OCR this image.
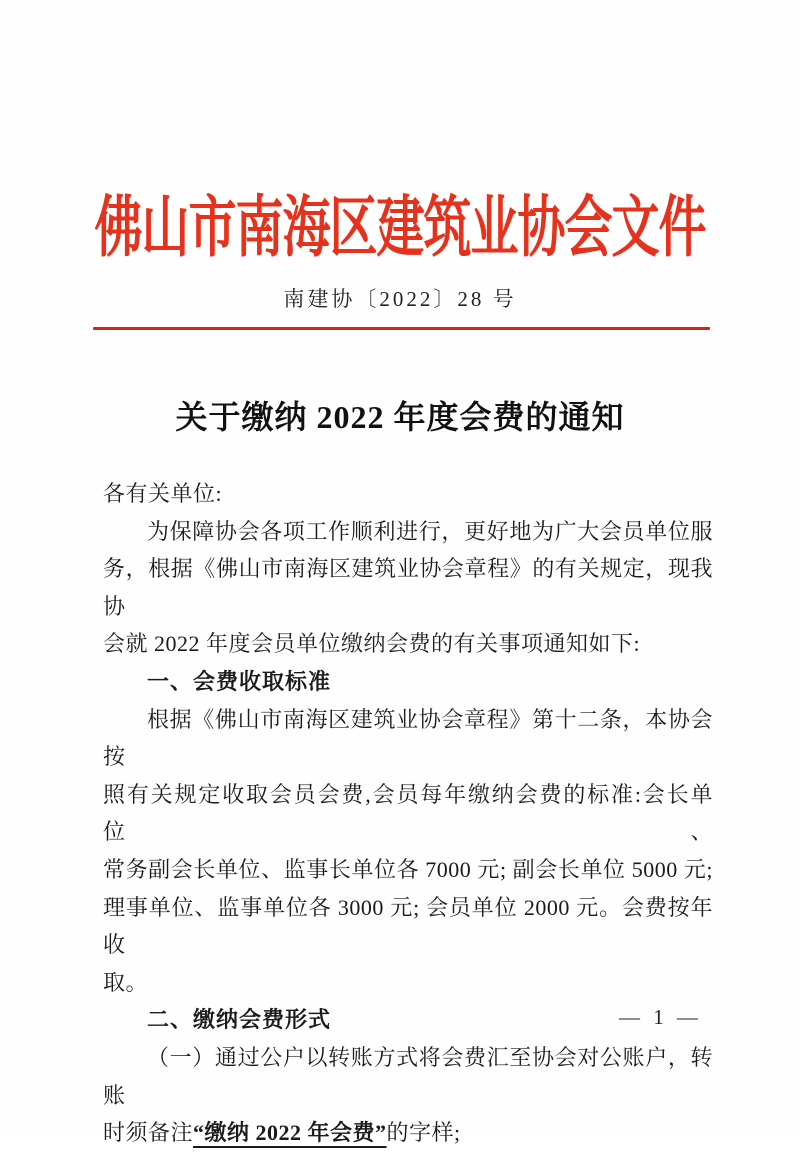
佛山市南海区建筑业协会文件
南建协〔2022〕28 号
关于缴纳 2022 年度会费的通知
各有关单位:
为保障协会各项工作顺利进行，更好地为广大会员单位服
务，根据《佛山市南海区建筑业协会章程》的有关规定，现我协
会就 2022 年度会员单位缴纳会费的有关事项通知如下:
一、会费收取标准
根据《佛山市南海区建筑业协会章程》第十二条，本协会按
照有关规定收取会员会费,会员每年缴纳会费的标准:会长单位、
常务副会长单位、监事长单位各 7000 元; 副会长单位 5000 元;
理事单位、监事单位各 3000 元; 会员单位 2000 元。会费按年收
取。
二、缴纳会费形式
（一）通过公户以转账方式将会费汇至协会对公账户，转账
时须备注“缴纳 2022 年会费”的字样;
— 1 —
